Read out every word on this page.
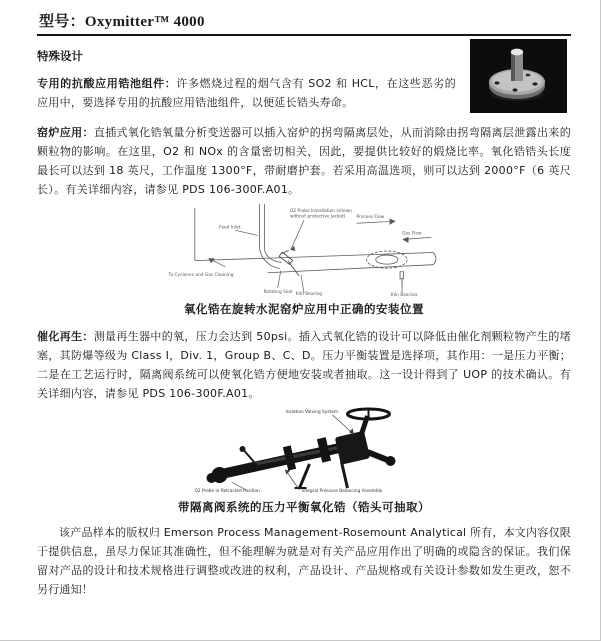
型号：Oxymitter™ 4000
特殊设计

专用的抗酸应用锆池组件：许多燃烧过程的烟气含有 SO2 和 HCL，在这些恶劣的应用中，要选择专用的抗酸应用锆池组件，以便延长锆头寿命。

窑炉应用：直插式氧化锆氧量分析变送器可以插入窑炉的拐弯隔离层处，从而消除由拐弯隔离层泄露出来的颗粒物的影响。在这里，O2 和 NOx 的含量密切相关，因此，要提供比较好的煅烧比率。氧化锆锆头长度最长可以达到 18 英尺，工作温度 1300°F，带耐磨护套。若采用高温选项，则可以达到 2000°F（6 英尺长）。有关详细内容，请参见 PDS 106-300F.A01。

Feed Inlet
O2 Probe Installation (shown
without protective jacket)
To Cyclones and Gas Cleaning
Process Flow
Gas Flow
Rotating Seal Kiln Bearing	Kiln Bearing
氧化锆在旋转水泥窑炉应用中正确的安装位置

催化再生：测量再生器中的氧，压力会达到 50psi。插入式氧化锆的设计可以降低由催化剂颗粒物产生的堵塞，其防爆等级为 Class I，Div. 1，Group B、C、D。压力平衡装置是选择项，其作用：一是压力平衡；二是在工艺运行时，隔离阀系统可以使氧化锆方便地安装或者抽取。这一设计得到了 UOP 的技术确认。有关详细内容，请参见 PDS 106-300F.A01。

Isolation Valving System
O2 Probe in Retracted Position	Integral Pressure Balancing Assembly
带隔离阀系统的压力平衡氧化锆（锆头可抽取）

该产品样本的版权归 Emerson Process Management-Rosemount Analytical 所有，本文内容仅限于提供信息，虽尽力保证其准确性，但不能理解为就是对有关产品应用作出了明确的或隐含的保证。我们保留对产品的设计和技术规格进行调整或改进的权利，产品设计、产品规格或有关设计参数如发生更改，恕不另行通知！
